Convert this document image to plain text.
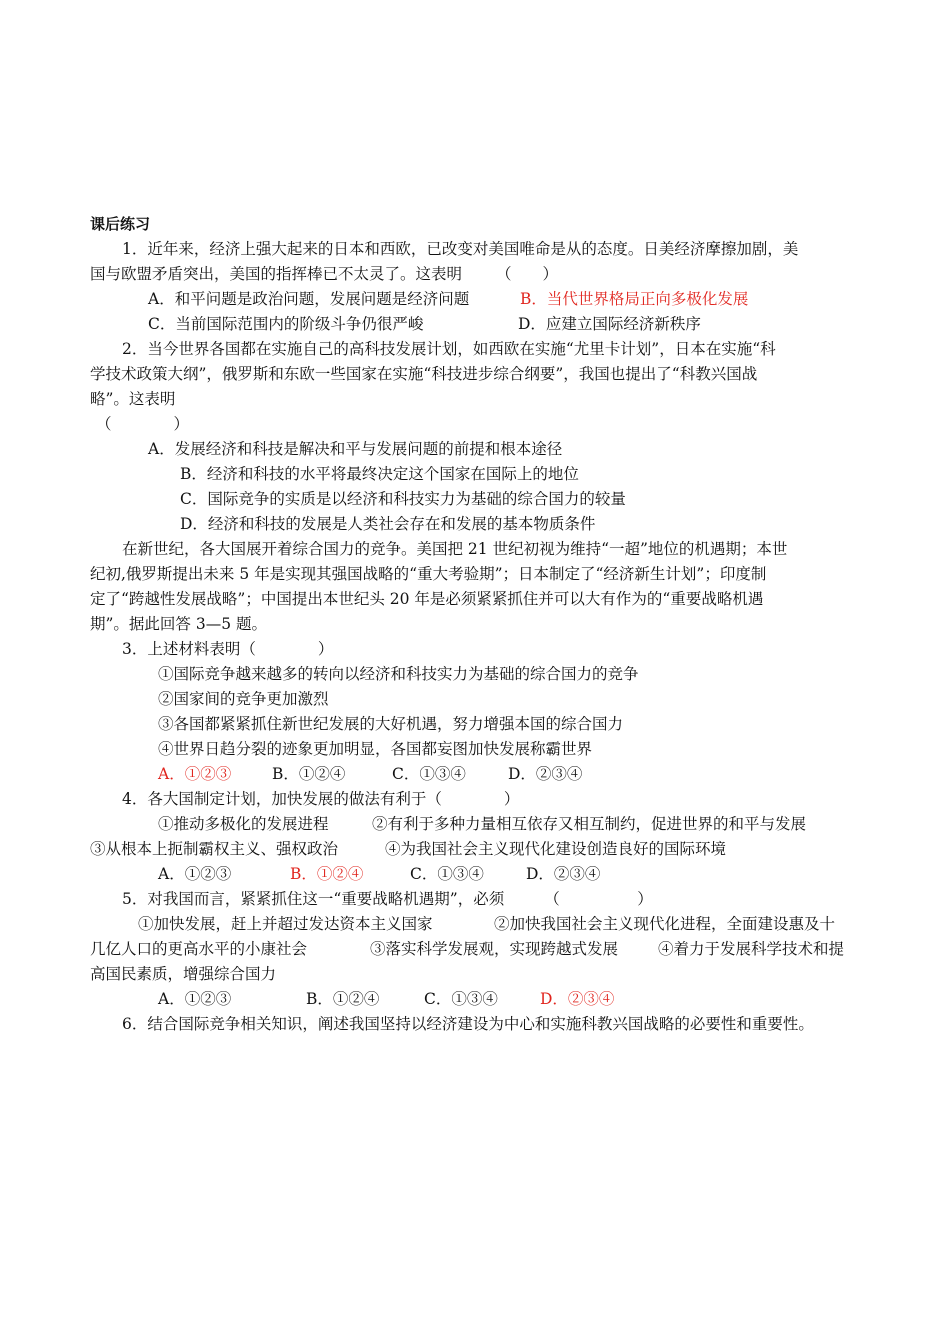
课后练习
1．近年来，经济上强大起来的日本和西欧，已改变对美国唯命是从的态度。日美经济摩擦加剧，美
国与欧盟矛盾突出，美国的指挥棒已不太灵了。这表明 （　　）
A．和平问题是政治问题，发展问题是经济问题	B．当代世界格局正向多极化发展
C．当前国际范围内的阶级斗争仍很严峻	D．应建立国际经济新秩序
2．当今世界各国都在实施自己的高科技发展计划，如西欧在实施“尤里卡计划”，日本在实施“科
学技术政策大纲”，俄罗斯和东欧一些国家在实施“科技进步综合纲要”，我国也提出了“科教兴国战
略”。这表明
（　　　　）
A．发展经济和科技是解决和平与发展问题的前提和根本途径
B．经济和科技的水平将最终决定这个国家在国际上的地位
C．国际竞争的实质是以经济和科技实力为基础的综合国力的较量
D．经济和科技的发展是人类社会存在和发展的基本物质条件
在新世纪，各大国展开着综合国力的竞争。美国把 21 世纪初视为维持“一超”地位的机遇期；本世
纪初,俄罗斯提出未来 5 年是实现其强国战略的“重大考验期”；日本制定了“经济新生计划”；印度制
定了“跨越性发展战略”；中国提出本世纪头 20 年是必须紧紧抓住并可以大有作为的“重要战略机遇
期”。据此回答 3—5 题。
3．上述材料表明（　　　　）
①国际竞争越来越多的转向以经济和科技实力为基础的综合国力的竞争
②国家间的竞争更加激烈
③各国都紧紧抓住新世纪发展的大好机遇，努力增强本国的综合国力
④世界日趋分裂的迹象更加明显，各国都妄图加快发展称霸世界
A．①②③	B．①②④	C．①③④	D．②③④
4．各大国制定计划，加快发展的做法有利于（　　　　）
①推动多极化的发展进程	②有利于多种力量相互依存又相互制约，促进世界的和平与发展
③从根本上扼制霸权主义、强权政治	④为我国社会主义现代化建设创造良好的国际环境
A．①②③	B．①②④	C．①③④	D．②③④
5．对我国而言，紧紧抓住这一“重要战略机遇期”，必须	（　　　　　）
①加快发展，赶上并超过发达资本主义国家	②加快我国社会主义现代化进程，全面建设惠及十
几亿人口的更高水平的小康社会	③落实科学发展观，实现跨越式发展	④着力于发展科学技术和提
高国民素质，增强综合国力
A．①②③	B．①②④	C．①③④	D．②③④
6．结合国际竞争相关知识，阐述我国坚持以经济建设为中心和实施科教兴国战略的必要性和重要性。
